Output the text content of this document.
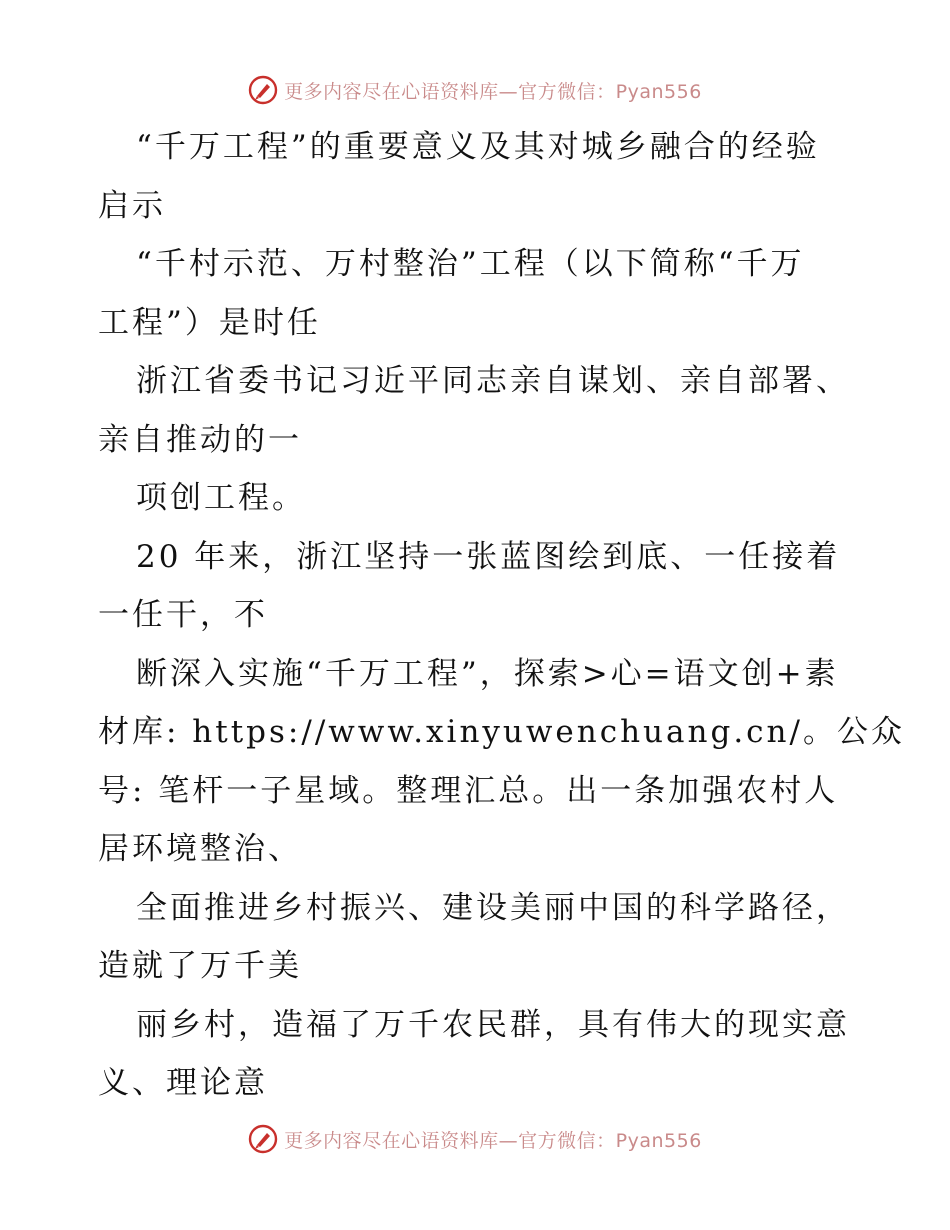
更多内容尽在心语资料库—官方微信：Pyan556
“千万工程”的重要意义及其对城乡融合的经验
启示
“千村示范、万村整治”工程（以下简称“千万
工程”）是时任
浙江省委书记习近平同志亲自谋划、亲自部署、
亲自推动的一
项创工程。
20 年来，浙江坚持一张蓝图绘到底、一任接着
一任干，不
断深入实施“千万工程”，探索>心=语文创+素
材库: https://www.xinyuwenchuang.cn/。公众
号: 笔杆一子星域。整理汇总。出一条加强农村人
居环境整治、
全面推进乡村振兴、建设美丽中国的科学路径，
造就了万千美
丽乡村，造福了万千农民群，具有伟大的现实意
义、理论意
更多内容尽在心语资料库—官方微信：Pyan556
